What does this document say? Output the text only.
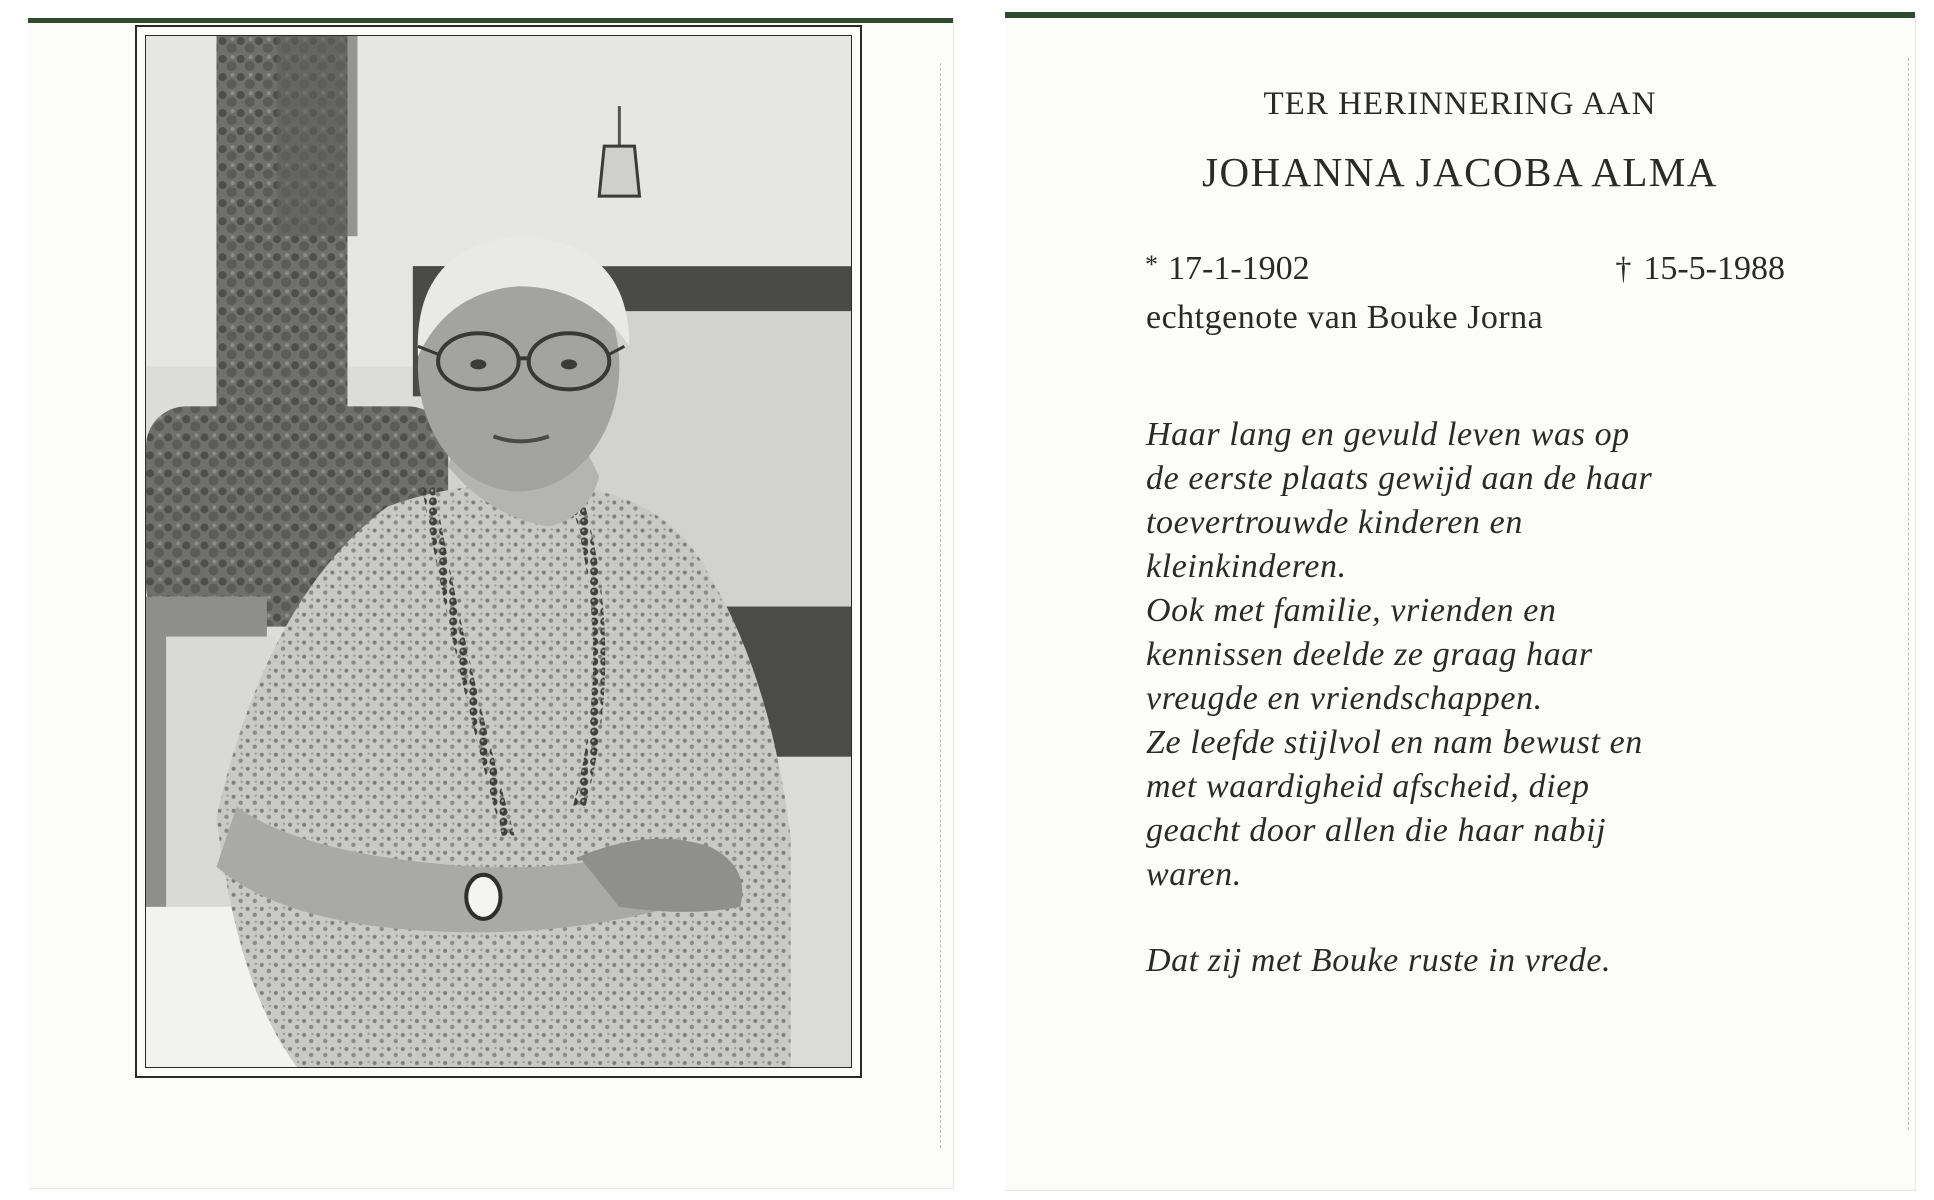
TER HERINNERING AAN
JOHANNA JACOBA ALMA
* 17-1-1902	† 15-5-1988
echtgenote van Bouke Jorna
Haar lang en gevuld leven was op
de eerste plaats gewijd aan de haar
toevertrouwde kinderen en
kleinkinderen.
Ook met familie, vrienden en
kennissen deelde ze graag haar
vreugde en vriendschappen.
Ze leefde stijlvol en nam bewust en
met waardigheid afscheid, diep
geacht door allen die haar nabij
waren.
Dat zij met Bouke ruste in vrede.
